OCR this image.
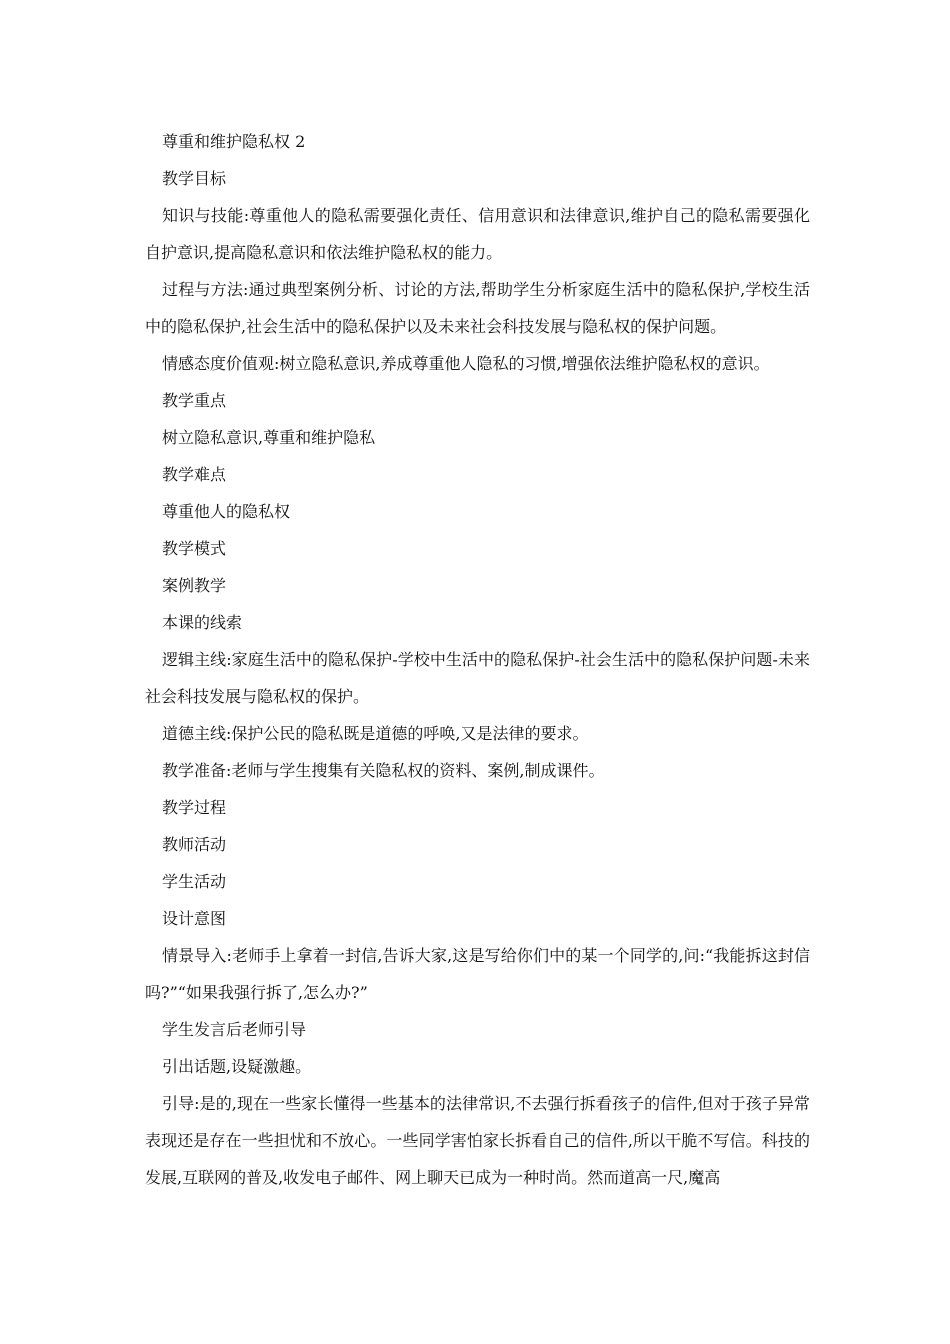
尊重和维护隐私权 2

教学目标

知识与技能:尊重他人的隐私需要强化责任、信用意识和法律意识,维护自己的隐私需要强化自护意识,提高隐私意识和依法维护隐私权的能力。

过程与方法:通过典型案例分析、讨论的方法,帮助学生分析家庭生活中的隐私保护,学校生活中的隐私保护,社会生活中的隐私保护以及未来社会科技发展与隐私权的保护问题。

情感态度价值观:树立隐私意识,养成尊重他人隐私的习惯,增强依法维护隐私权的意识。

教学重点

树立隐私意识,尊重和维护隐私

教学难点

尊重他人的隐私权

教学模式

案例教学

本课的线索

逻辑主线:家庭生活中的隐私保护-学校中生活中的隐私保护-社会生活中的隐私保护问题-未来社会科技发展与隐私权的保护。

道德主线:保护公民的隐私既是道德的呼唤,又是法律的要求。

教学准备:老师与学生搜集有关隐私权的资料、案例,制成课件。

教学过程

教师活动

学生活动

设计意图

情景导入:老师手上拿着一封信,告诉大家,这是写给你们中的某一个同学的,问:“我能拆这封信吗?”“如果我强行拆了,怎么办?”

学生发言后老师引导

引出话题,设疑激趣。

引导:是的,现在一些家长懂得一些基本的法律常识,不去强行拆看孩子的信件,但对于孩子异常表现还是存在一些担忧和不放心。一些同学害怕家长拆看自己的信件,所以干脆不写信。科技的发展,互联网的普及,收发电子邮件、网上聊天已成为一种时尚。然而道高一尺,魔高
